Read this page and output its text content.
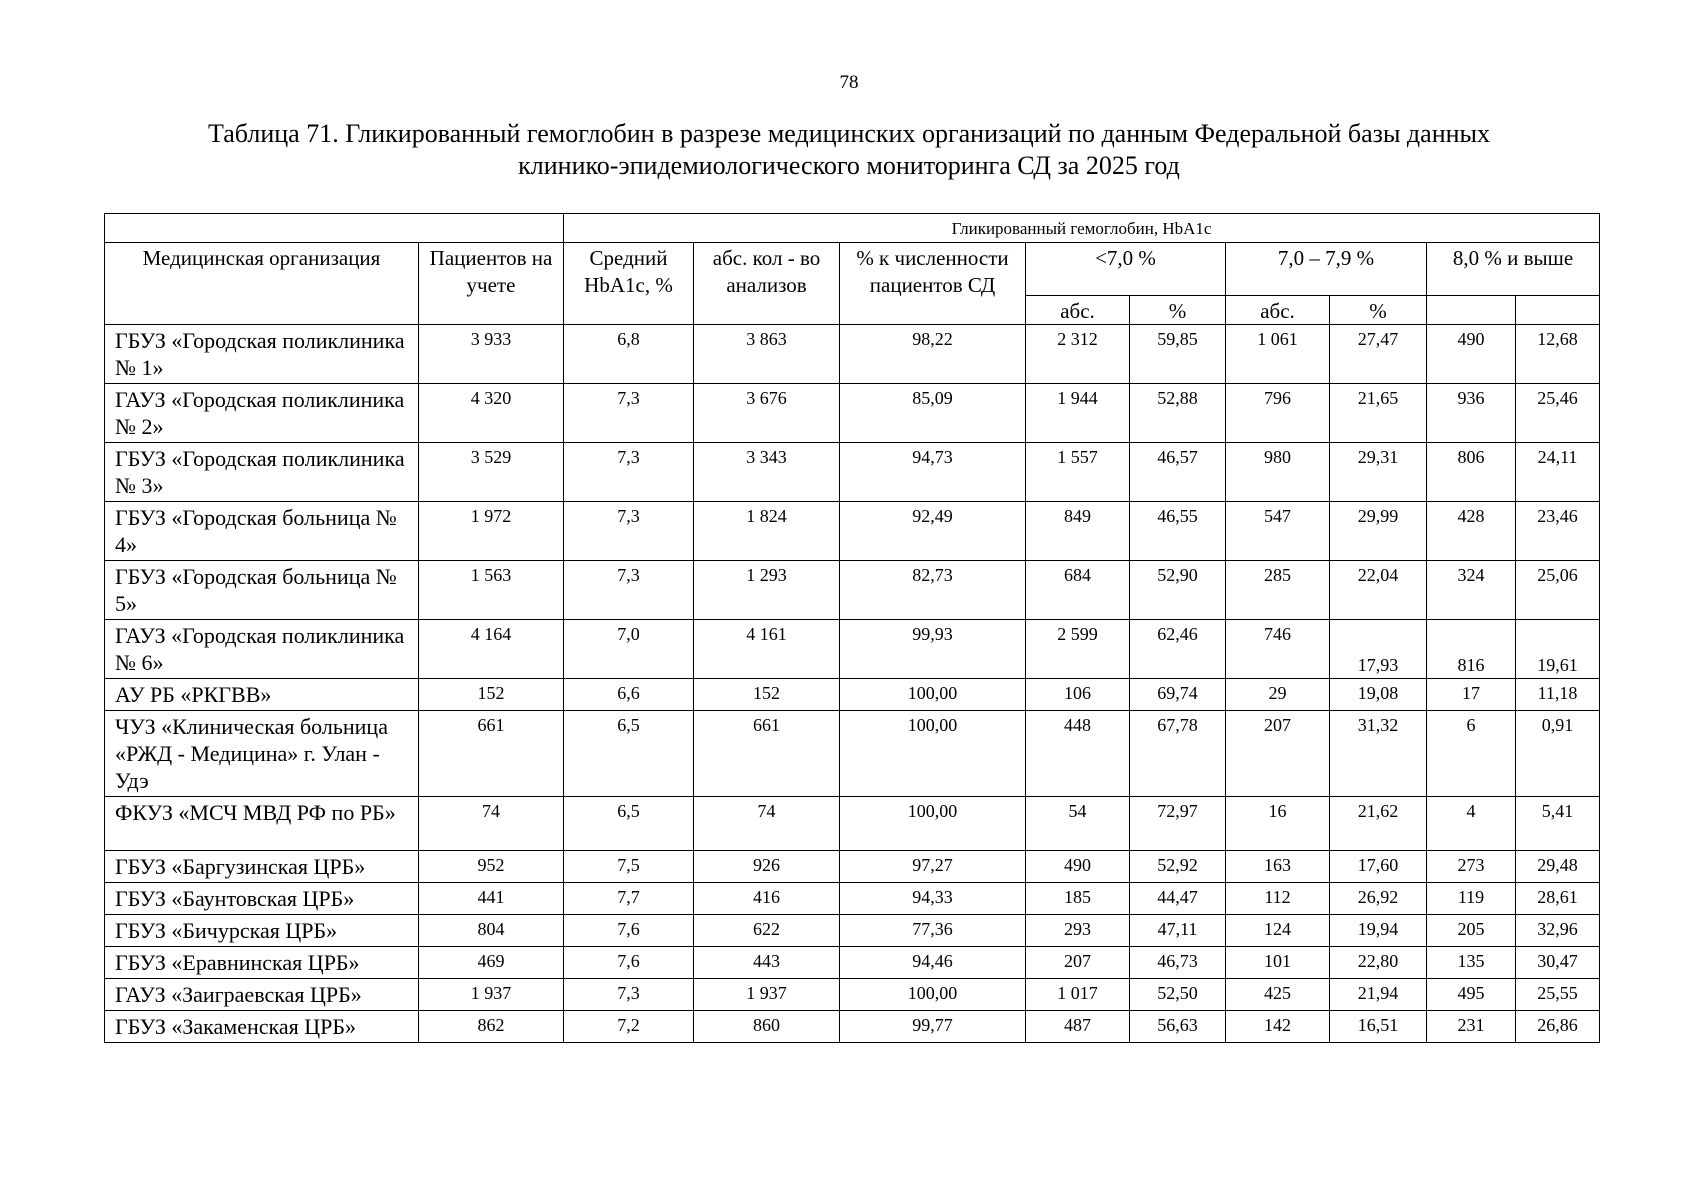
78
Таблица 71. Гликированный гемоглобин в разрезе медицинских организаций по данным Федеральной базы данных
клинико-эпидемиологического мониторинга СД за 2025 год
		Гликированный гемоглобин, HbA1c								
Медицинская организация	Пациентов на учете	Средний HbA1c, %	абс. кол - во анализов	% к численности пациентов СД	<7,0 %		7,0 – 7,9 %		8,0 % и выше	
					абс.	%	абс.	%		
ГБУЗ «Городская поликлиника № 1»	3 933	6,8	3 863	98,22	2 312	59,85	1 061	27,47	490	12,68
ГАУЗ «Городская поликлиника № 2»	4 320	7,3	3 676	85,09	1 944	52,88	796	21,65	936	25,46
ГБУЗ «Городская поликлиника № 3»	3 529	7,3	3 343	94,73	1 557	46,57	980	29,31	806	24,11
ГБУЗ «Городская больница № 4»	1 972	7,3	1 824	92,49	849	46,55	547	29,99	428	23,46
ГБУЗ «Городская больница № 5»	1 563	7,3	1 293	82,73	684	52,90	285	22,04	324	25,06
ГАУЗ «Городская поликлиника № 6»	4 164	7,0	4 161	99,93	2 599	62,46	746	17,93	816	19,61
АУ РБ «РКГВВ»	152	6,6	152	100,00	106	69,74	29	19,08	17	11,18
ЧУЗ «Клиническая больница «РЖД - Медицина» г. Улан - Удэ	661	6,5	661	100,00	448	67,78	207	31,32	6	0,91
ФКУЗ «МСЧ МВД РФ по РБ»	74	6,5	74	100,00	54	72,97	16	21,62	4	5,41
ГБУЗ «Баргузинская ЦРБ»	952	7,5	926	97,27	490	52,92	163	17,60	273	29,48
ГБУЗ «Баунтовская ЦРБ»	441	7,7	416	94,33	185	44,47	112	26,92	119	28,61
ГБУЗ «Бичурская ЦРБ»	804	7,6	622	77,36	293	47,11	124	19,94	205	32,96
ГБУЗ «Еравнинская ЦРБ»	469	7,6	443	94,46	207	46,73	101	22,80	135	30,47
ГАУЗ «Заиграевская ЦРБ»	1 937	7,3	1 937	100,00	1 017	52,50	425	21,94	495	25,55
ГБУЗ «Закаменская ЦРБ»	862	7,2	860	99,77	487	56,63	142	16,51	231	26,86
